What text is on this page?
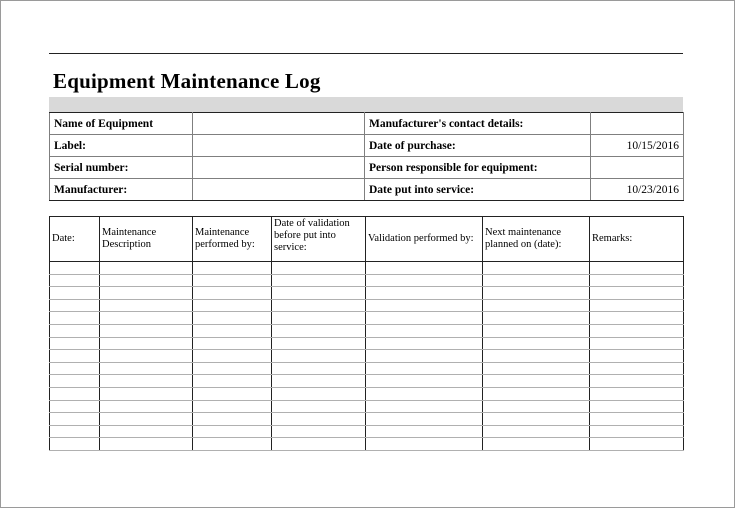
Equipment Maintenance Log
Name of Equipment		Manufacturer's contact details:	
Label:		Date of purchase:	10/15/2016
Serial number:		Person responsible for equipment:	
Manufacturer:		Date put into service:	10/23/2016
Date:	Maintenance Description	Maintenance performed by:	Date of validation before put into service:	Validation performed by:	Next maintenance planned on (date):	Remarks:
